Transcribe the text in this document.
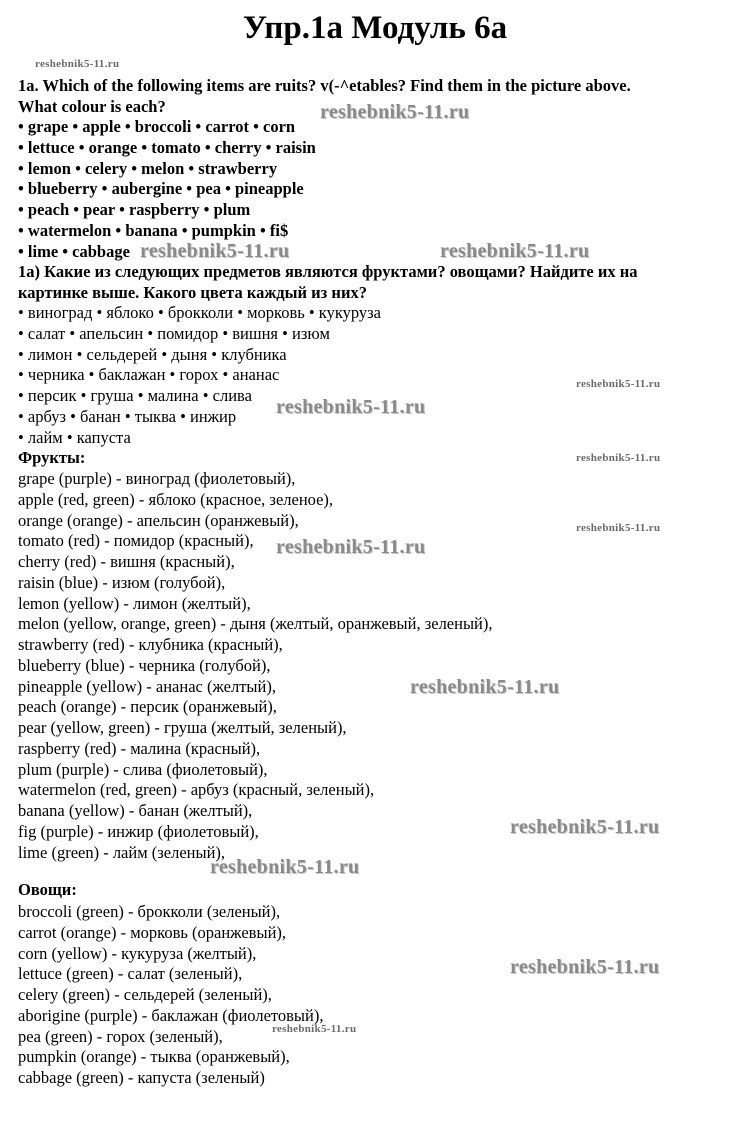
Упр.1а Модуль 6а
1a. Which of the following items are ruits? v(-^etables? Find them in the picture above.
What colour is each?
• grape • apple • broccoli • carrot • corn
• lettuce • orange • tomato • cherry • raisin
• lemon • celery • melon • strawberry
• blueberry • aubergine • pea • pineapple
• peach • pear • raspberry • plum
• watermelon • banana • pumpkin • fi$
• lime • cabbage
1а) Какие из следующих предметов являются фруктами? овощами? Найдите их на
картинке выше. Какого цвета каждый из них?
• виноград • яблоко • брокколи • морковь • кукуруза
• салат • апельсин • помидор • вишня • изюм
• лимон • сельдерей • дыня • клубника
• черника • баклажан • горох • ананас
• персик • груша • малина • слива
• арбуз • банан • тыква • инжир
• лайм • капуста
Фрукты:
grape (purple) - виноград (фиолетовый),
apple (red, green) - яблоко (красное, зеленое),
orange (orange) - апельсин (оранжевый),
tomato (red) - помидор (красный),
cherry (red) - вишня (красный),
raisin (blue) - изюм (голубой),
lemon (yellow) - лимон (желтый),
melon (yellow, orange, green) - дыня (желтый, оранжевый, зеленый),
strawberry (red) - клубника (красный),
blueberry (blue) - черника (голубой),
pineapple (yellow) - ананас (желтый),
peach (orange) - персик (оранжевый),
pear (yellow, green) - груша (желтый, зеленый),
raspberry (red) - малина (красный),
plum (purple) - слива (фиолетовый),
watermelon (red, green) - арбуз (красный, зеленый),
banana (yellow) - банан (желтый),
fig (purple) - инжир (фиолетовый),
lime (green) - лайм (зеленый),
Овощи:
broccoli (green) - брокколи (зеленый),
carrot (orange) - морковь (оранжевый),
corn (yellow) - кукуруза (желтый),
lettuce (green) - салат (зеленый),
celery (green) - сельдерей (зеленый),
aborigine (purple) - баклажан (фиолетовый),
pea (green) - горох (зеленый),
pumpkin (orange) - тыква (оранжевый),
cabbage (green) - капуста (зеленый)
reshebnik5-11.ru
reshebnik5-11.ru
reshebnik5-11.ru	reshebnik5-11.ru
reshebnik5-11.ru
reshebnik5-11.ru
reshebnik5-11.ru
reshebnik5-11.ru
reshebnik5-11.ru
reshebnik5-11.ru
reshebnik5-11.ru
reshebnik5-11.ru
reshebnik5-11.ru
reshebnik5-11.ru
